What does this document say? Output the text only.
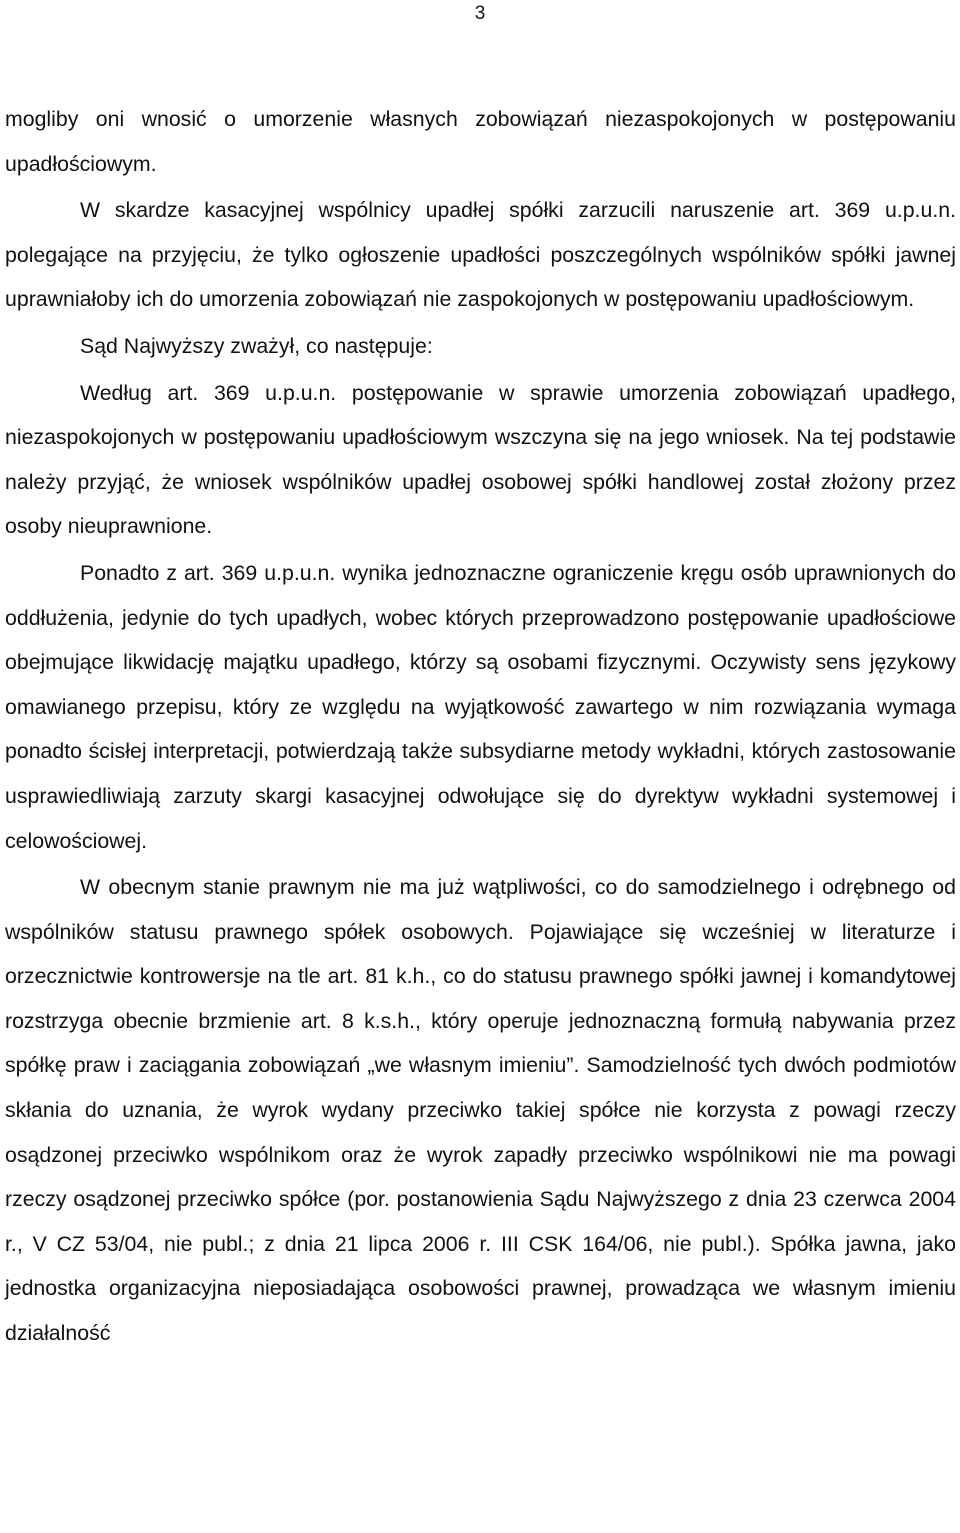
3

mogliby oni wnosić o umorzenie własnych zobowiązań niezaspokojonych w postępowaniu upadłościowym.

W skardze kasacyjnej wspólnicy upadłej spółki zarzucili naruszenie art. 369 u.p.u.n. polegające na przyjęciu, że tylko ogłoszenie upadłości poszczególnych wspólników spółki jawnej uprawniałoby ich do umorzenia zobowiązań nie zaspokojonych w postępowaniu upadłościowym.

Sąd Najwyższy zważył, co następuje:

Według art. 369 u.p.u.n. postępowanie w sprawie umorzenia zobowiązań upadłego, niezaspokojonych w postępowaniu upadłościowym wszczyna się na jego wniosek. Na tej podstawie należy przyjąć, że wniosek wspólników upadłej osobowej spółki handlowej został złożony przez osoby nieuprawnione.

Ponadto z art. 369 u.p.u.n. wynika jednoznaczne ograniczenie kręgu osób uprawnionych do oddłużenia, jedynie do tych upadłych, wobec których przeprowadzono postępowanie upadłościowe obejmujące likwidację majątku upadłego, którzy są osobami fizycznymi. Oczywisty sens językowy omawianego przepisu, który ze względu na wyjątkowość zawartego w nim rozwiązania wymaga ponadto ścisłej interpretacji, potwierdzają także subsydiarne metody wykładni, których zastosowanie usprawiedliwiają zarzuty skargi kasacyjnej odwołujące się do dyrektyw wykładni systemowej i celowościowej.

W obecnym stanie prawnym nie ma już wątpliwości, co do samodzielnego i odrębnego od wspólników statusu prawnego spółek osobowych. Pojawiające się wcześniej w literaturze i orzecznictwie kontrowersje na tle art. 81 k.h., co do statusu prawnego spółki jawnej i komandytowej rozstrzyga obecnie brzmienie art. 8 k.s.h., który operuje jednoznaczną formułą nabywania przez spółkę praw i zaciągania zobowiązań „we własnym imieniu”. Samodzielność tych dwóch podmiotów skłania do uznania, że wyrok wydany przeciwko takiej spółce nie korzysta z powagi rzeczy osądzonej przeciwko wspólnikom oraz że wyrok zapadły przeciwko wspólnikowi nie ma powagi rzeczy osądzonej przeciwko spółce (por. postanowienia Sądu Najwyższego z dnia 23 czerwca 2004 r., V CZ 53/04, nie publ.; z dnia 21 lipca 2006 r. III CSK 164/06, nie publ.). Spółka jawna, jako jednostka organizacyjna nieposiadająca osobowości prawnej, prowadząca we własnym imieniu działalność
